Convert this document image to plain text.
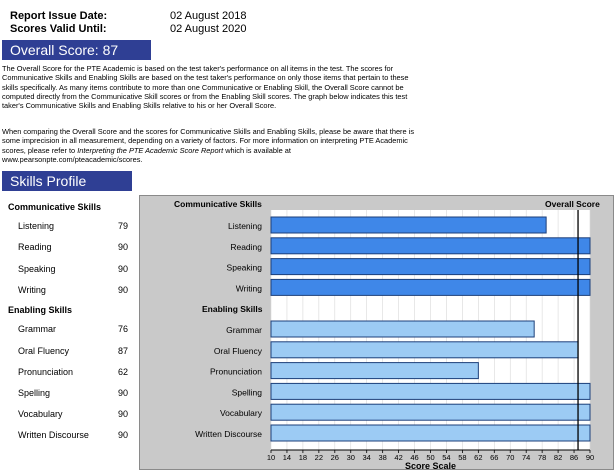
Report Issue Date:	02 August 2018
Scores Valid Until:	02 August 2020
Overall Score: 87
The Overall Score for the PTE Academic is based on the test taker's performance on all items in the test. The scores for
Communicative Skills and Enabling Skills are based on the test taker's performance on only those items that pertain to these
skills specifically. As many items contribute to more than one Communicative or Enabling Skill, the Overall Score cannot be
computed directly from the Communicative Skill scores or from the Enabling Skill scores. The graph below indicates this test
taker's Communicative Skills and Enabling Skills relative to his or her Overall Score.
When comparing the Overall Score and the scores for Communicative Skills and Enabling Skills, please be aware that there is
some imprecision in all measurement, depending on a variety of factors. For more information on interpreting PTE Academic
scores, please refer to Interpreting the PTE Academic Score Report which is available at
www.pearsonpte.com/pteacademic/scores.
Skills Profile
Communicative Skills
Listening	79
Reading	90
Speaking	90
Writing	90
Enabling Skills
Grammar	76
Oral Fluency	87
Pronunciation	62
Spelling	90
Vocabulary	90
Written Discourse	90
Communicative Skills
Enabling Skills
Overall Score
Listening
Reading
Speaking
Writing
Grammar
Oral Fluency
Pronunciation
Spelling
Vocabulary
Written Discourse
10 14 18 22 26 30 34 38 42 46 50 54 58 62 66 70 74 78 82 86 90
Score Scale
